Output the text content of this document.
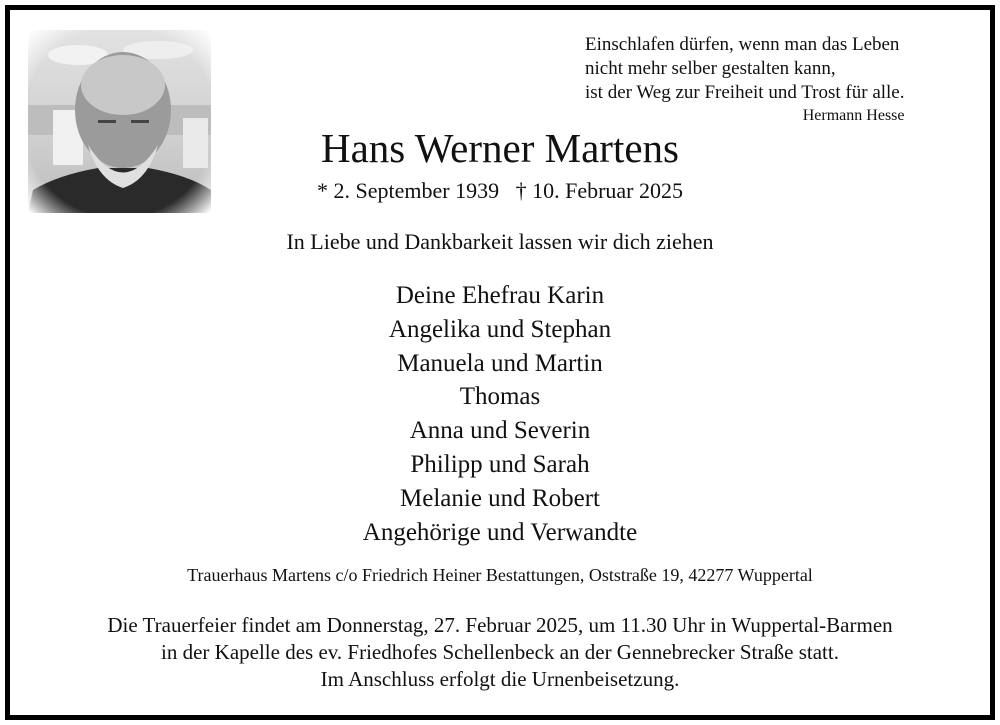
Einschlafen dürfen, wenn man das Leben
nicht mehr selber gestalten kann,
ist der Weg zur Freiheit und Trost für alle.
Hermann Hesse
Hans Werner Martens
* 2. September 1939   † 10. Februar 2025
In Liebe und Dankbarkeit lassen wir dich ziehen
Deine Ehefrau Karin
Angelika und Stephan
Manuela und Martin
Thomas
Anna und Severin
Philipp und Sarah
Melanie und Robert
Angehörige und Verwandte
Trauerhaus Martens c/o Friedrich Heiner Bestattungen, Oststraße 19, 42277 Wuppertal
Die Trauerfeier findet am Donnerstag, 27. Februar 2025, um 11.30 Uhr in Wuppertal-Barmen
in der Kapelle des ev. Friedhofes Schellenbeck an der Gennebrecker Straße statt.
Im Anschluss erfolgt die Urnenbeisetzung.
